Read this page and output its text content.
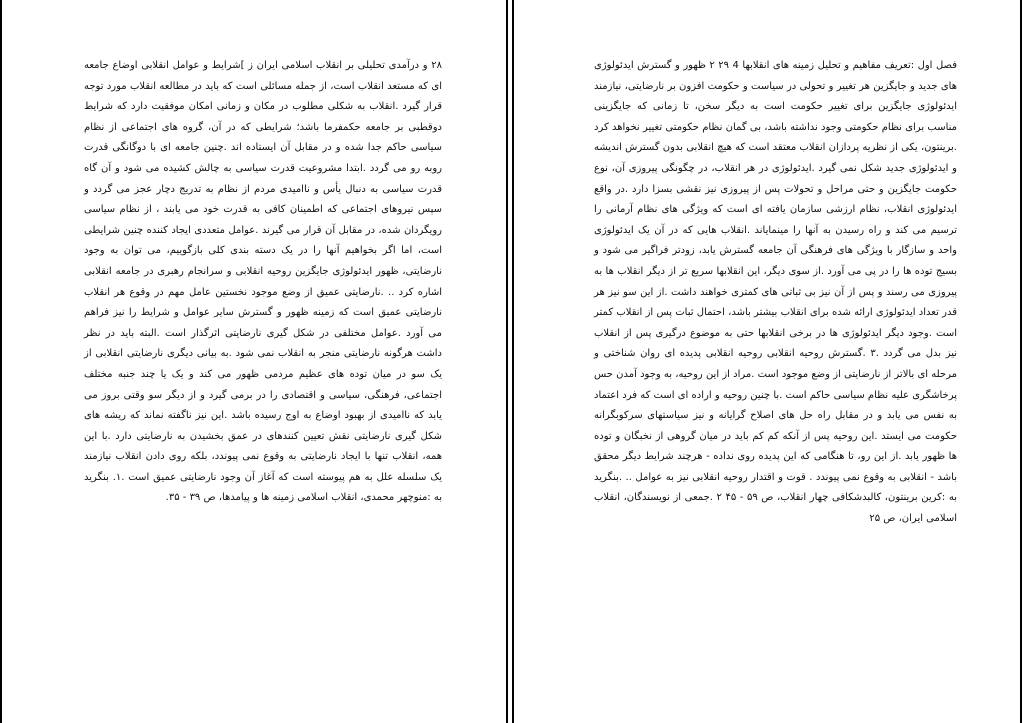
۲۸ و درآمدی تحلیلی بر انقلاب اسلامی ایران ز ]شرایط و عوامل انقلابی اوضاع جامعه ای که مستعد انقلاب است، از جمله مسائلی است که باید در مطالعه انقلاب مورد توجه قرار گیرد .انقلاب به شکلی مطلوب در مکان و زمانی امکان موفقیت دارد که شرایط دوقطبی بر جامعه حکمفرما باشد؛ شرایطی که در آن، گروه های اجتماعی از نظام سیاسی حاکم جدا شده و در مقابل آن ایستاده اند .چنین جامعه ای با دوگانگی قدرت روبه رو می گردد .ابتدا مشروعیت قدرت سیاسی به چالش کشیده می شود و آن گاه قدرت سیاسی به دنبال یأس و ناامیدی مردم از نظام به تدریج دچار عجز می گردد و سپس نیروهای اجتماعی که اطمینان کافی به قدرت خود می یابند ، از نظام سیاسی رویگردان شده، در مقابل آن قرار می گیرند .عوامل متعددی ایجاد کننده چنین شرایطی است، اما اگر بخواهیم آنها را در یک دسته بندی کلی بازگوییم، می توان به وجود نارضایتی، ظهور ایدئولوژی جایگزین روحیه انقلابی و سرانجام رهبری در جامعه انقلابی اشاره کرد .. .نارضایتی عمیق از وضع موجود نخستین عامل مهم در وقوع هر انقلاب نارضایتی عمیق است که زمینه ظهور و گسترش سایر عوامل و شرایط را نیز فراهم می آورد .عوامل مختلفی در شکل گیری نارضایتی اثرگذار است .البته باید در نظر داشت هرگونه نارضایتی منجر به انقلاب نمی شود .به بیانی دیگری نارضایتی انقلابی از یک سو در میان توده های عظیم مردمی ظهور می کند و یک یا چند جنبه مختلف اجتماعی، فرهنگی، سیاسی و اقتصادی را در برمی گیرد و از دیگر سو وقتی بروز می یابد که ناامیدی از بهبود اوضاع به اوج رسیده باشد .این نیز ناگفته نماند که ریشه های شکل گیری نارضایتی نقش تعیین کنندهای در عمق بخشیدن به نارضایتی دارد .با این همه، انقلاب تنها با ایجاد نارضایتی به وقوع نمی پیوندد، بلکه روی دادن انقلاب نیازمند یک سلسله علل به هم پیوسته است که آغاز آن وجود نارضایتی عمیق است .۱. بنگرید به :منوچهر محمدی، انقلاب اسلامی زمینه ها و پیامدها، ص ۳۹ - ۳۵.

فصل اول :تعریف مفاهیم و تحلیل زمینه های انقلابها 4 ۲۹ ۲ ظهور و گسترش ایدئولوژی های جدید و جایگزین هر تغییر و تحولی در سیاست و حکومت افزون بر نارضایتی، نیازمند ایدئولوژی جایگزین برای تغییر حکومت است به دیگر سخن، تا زمانی که جایگزینی مناسب برای نظام حکومتی وجود نداشته باشد، بی گمان نظام حکومتی تغییر نخواهد کرد .برینتون، یکی از نظریه پردازان انقلاب معتقد است که هیچ انقلابی بدون گسترش اندیشه و ایدئولوژی جدید شکل نمی گیرد .ایدئولوژی در هر انقلاب، در چگونگی پیروزی آن، نوع حکومت جایگزین و حتی مراحل و تحولات پس از پیروزی نیز نقشی بسزا دارد .در واقع ایدئولوژی انقلاب، نظام ارزشی سازمان یافته ای است که ویژگی های نظام آرمانی را ترسیم می کند و راه رسیدن به آنها را مینمایاند .انقلاب هایی که در آن یک ایدئولوژی واحد و سازگار با ویژگی های فرهنگی آن جامعه گسترش یابد، زودتر فراگیر می شود و بسیج توده ها را در پی می آورد .از سوی دیگر، این انقلابها سریع تر از دیگر انقلاب ها به پیروزی می رسند و پس از آن نیز بی ثباتی های کمتری خواهند داشت .از این سو نیز هر قدر تعداد ایدئولوژی ارائه شده برای انقلاب بیشتر باشد، احتمال ثبات پس از انقلاب کمتر است .وجود دیگر ایدئولوژی ها در برخی انقلابها حتی به موضوع درگیری پس از انقلاب نیز بدل می گردد .۳ .گسترش روحیه انقلابی روحیه انقلابی پدیده ای روان شناختی و مرحله ای بالاتر از نارضایتی از وضع موجود است .مراد از این روحیه، به وجود آمدن حس پرخاشگری علیه نظام سیاسی حاکم است .با چنین روحیه و اراده ای است که فرد اعتماد به نفس می یابد و در مقابل راه حل های اصلاح گرایانه و نیز سیاستهای سرکوبگرانه حکومت می ایستد .این روحیه پس از آنکه کم کم باید در میان گروهی از نخبگان و توده ها ظهور یابد .از این رو، تا هنگامی که این پدیده روی نداده - هرچند شرایط دیگر محقق باشد - انقلابی به وقوع نمی پیوندد . قوت و اقتدار روحیه انقلابی نیز به عوامل .. .بنگرید به :کرین برینتون، کالبدشکافی چهار انقلاب، ص ۵۹ - ۴۵ ۲ .جمعی از نویسندگان، انقلاب اسلامی ایران، ص ۲۵
